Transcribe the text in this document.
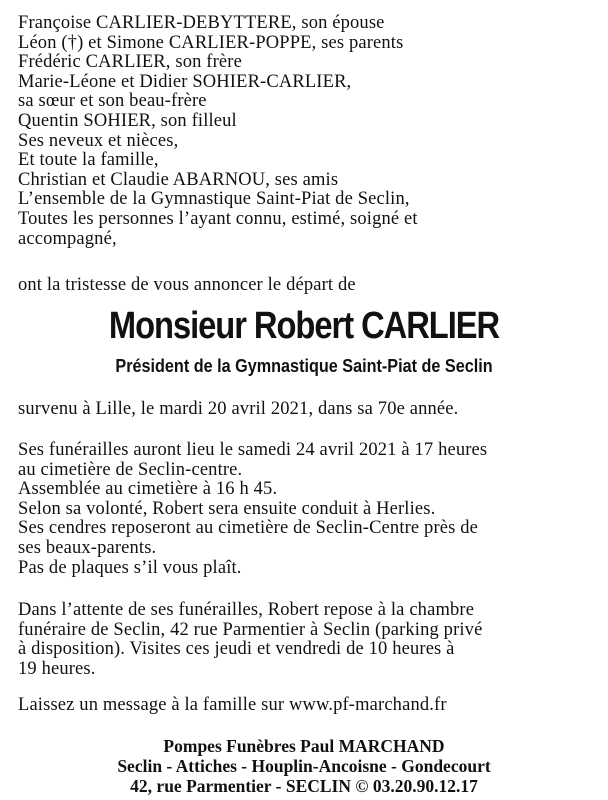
Françoise CARLIER-DEBYTTERE, son épouse
Léon (†) et Simone CARLIER-POPPE, ses parents
Frédéric CARLIER, son frère
Marie-Léone et Didier SOHIER-CARLIER,
sa sœur et son beau-frère
Quentin SOHIER, son filleul
Ses neveux et nièces,
Et toute la famille,
Christian et Claudie ABARNOU, ses amis
L’ensemble de la Gymnastique Saint-Piat de Seclin,
Toutes les personnes l’ayant connu, estimé, soigné et
accompagné,
ont la tristesse de vous annoncer le départ de
Monsieur Robert CARLIER
Président de la Gymnastique Saint-Piat de Seclin
survenu à Lille, le mardi 20 avril 2021, dans sa 70e année.
Ses funérailles auront lieu le samedi 24 avril 2021 à 17 heures
au cimetière de Seclin-centre.
Assemblée au cimetière à 16 h 45.
Selon sa volonté, Robert sera ensuite conduit à Herlies.
Ses cendres reposeront au cimetière de Seclin-Centre près de
ses beaux-parents.
Pas de plaques s’il vous plaît.
Dans l’attente de ses funérailles, Robert repose à la chambre
funéraire de Seclin, 42 rue Parmentier à Seclin (parking privé
à disposition). Visites ces jeudi et vendredi de 10 heures à
19 heures.
Laissez un message à la famille sur www.pf-marchand.fr
Pompes Funèbres Paul MARCHAND
Seclin - Attiches - Houplin-Ancoisne - Gondecourt
42, rue Parmentier - SECLIN © 03.20.90.12.17
